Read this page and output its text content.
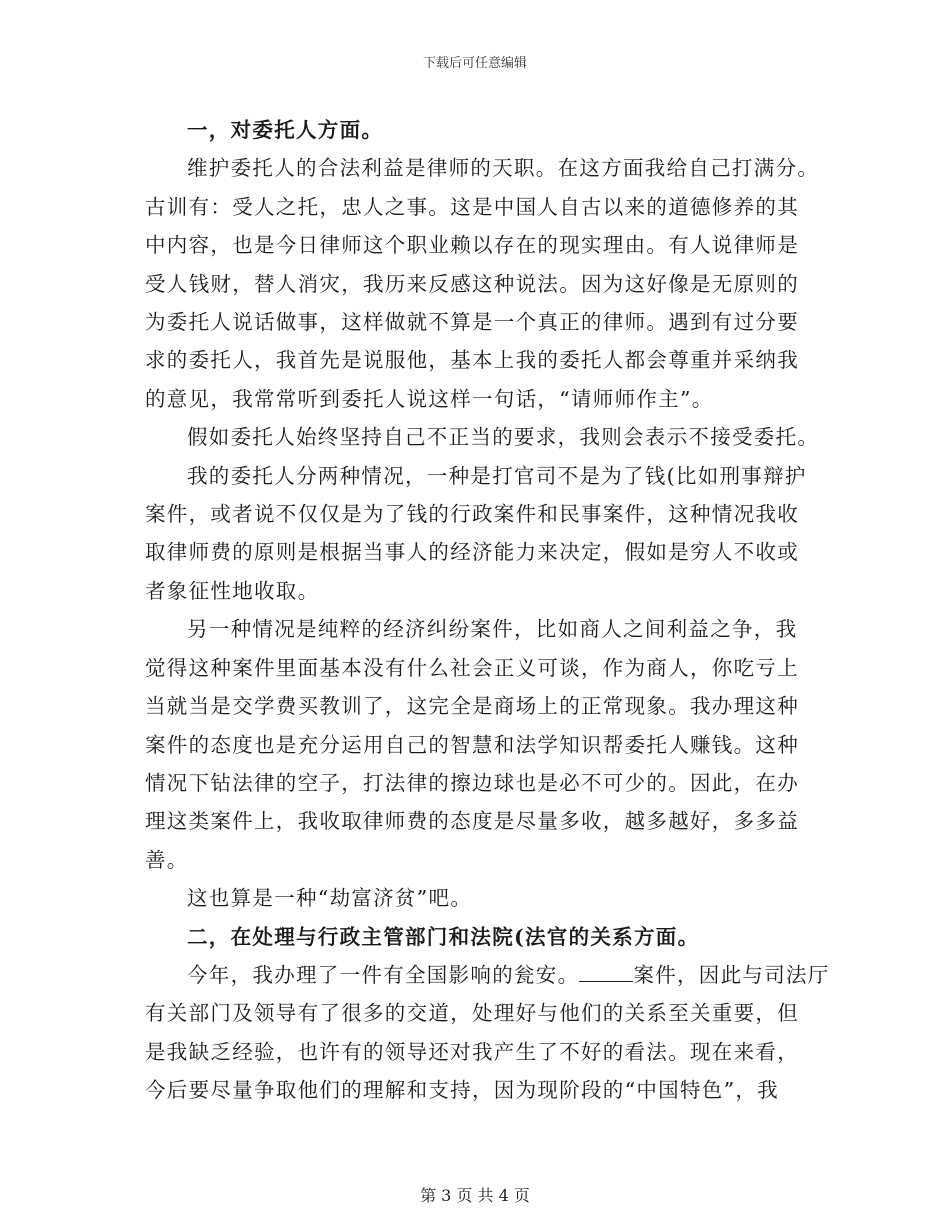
下载后可任意编辑
一，对委托人方面。
维护委托人的合法利益是律师的天职。在这方面我给自己打满分。
古训有：受人之托，忠人之事。这是中国人自古以来的道德修养的其
中内容，也是今日律师这个职业赖以存在的现实理由。有人说律师是
受人钱财，替人消灾，我历来反感这种说法。因为这好像是无原则的
为委托人说话做事，这样做就不算是一个真正的律师。遇到有过分要
求的委托人，我首先是说服他，基本上我的委托人都会尊重并采纳我
的意见，我常常听到委托人说这样一句话，“请师师作主”。
假如委托人始终坚持自己不正当的要求，我则会表示不接受委托。
我的委托人分两种情况，一种是打官司不是为了钱(比如刑事辩护
案件，或者说不仅仅是为了钱的行政案件和民事案件，这种情况我收
取律师费的原则是根据当事人的经济能力来决定，假如是穷人不收或
者象征性地收取。
另一种情况是纯粹的经济纠纷案件，比如商人之间利益之争，我
觉得这种案件里面基本没有什么社会正义可谈，作为商人，你吃亏上
当就当是交学费买教训了，这完全是商场上的正常现象。我办理这种
案件的态度也是充分运用自己的智慧和法学知识帮委托人赚钱。这种
情况下钻法律的空子，打法律的擦边球也是必不可少的。因此，在办
理这类案件上，我收取律师费的态度是尽量多收，越多越好，多多益
善。
这也算是一种“劫富济贫”吧。
二，在处理与行政主管部门和法院(法官的关系方面。
今年，我办理了一件有全国影响的瓮安。	案件，因此与司法厅
有关部门及领导有了很多的交道，处理好与他们的关系至关重要，但
是我缺乏经验，也许有的领导还对我产生了不好的看法。现在来看，
今后要尽量争取他们的理解和支持，因为现阶段的“中国特色”，我
第 3 页 共 4 页
